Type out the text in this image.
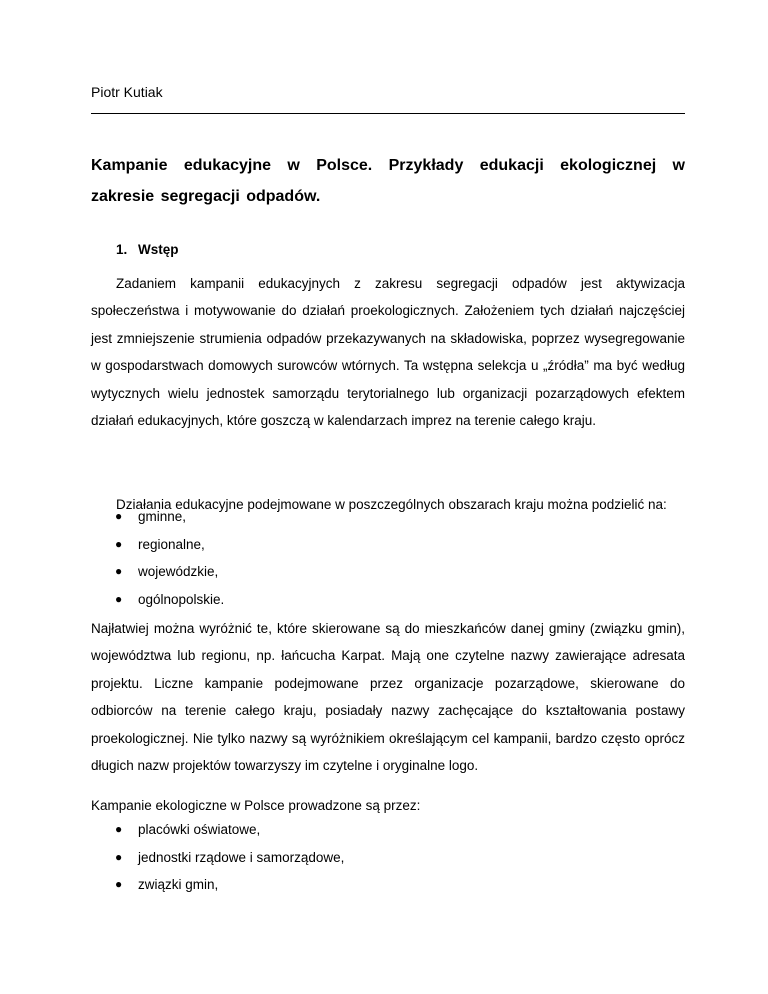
Piotr Kutiak
Kampanie edukacyjne w Polsce. Przykłady edukacji ekologicznej w zakresie segregacji odpadów.
1. Wstęp

Zadaniem kampanii edukacyjnych z zakresu segregacji odpadów jest aktywizacja społeczeństwa i motywowanie do działań proekologicznych. Założeniem tych działań najczęściej jest zmniejszenie strumienia odpadów przekazywanych na składowiska, poprzez wysegregowanie w gospodarstwach domowych surowców wtórnych. Ta wstępna selekcja u „źródła” ma być według wytycznych wielu jednostek samorządu terytorialnego lub organizacji pozarządowych efektem działań edukacyjnych, które goszczą w kalendarzach imprez na terenie całego kraju.

Działania edukacyjne podejmowane w poszczególnych obszarach kraju można podzielić na:

● gminne,
● regionalne,
● wojewódzkie,
● ogólnopolskie.

Najłatwiej można wyróżnić te, które skierowane są do mieszkańców danej gminy (związku gmin), województwa lub regionu, np. łańcucha Karpat. Mają one czytelne nazwy zawierające adresata projektu. Liczne kampanie podejmowane przez organizacje pozarządowe, skierowane do odbiorców na terenie całego kraju, posiadały nazwy zachęcające do kształtowania postawy proekologicznej. Nie tylko nazwy są wyróżnikiem określającym cel kampanii, bardzo często oprócz długich nazw projektów towarzyszy im czytelne i oryginalne logo.

Kampanie ekologiczne w Polsce prowadzone są przez:

● placówki oświatowe,
● jednostki rządowe i samorządowe,
● związki gmin,
